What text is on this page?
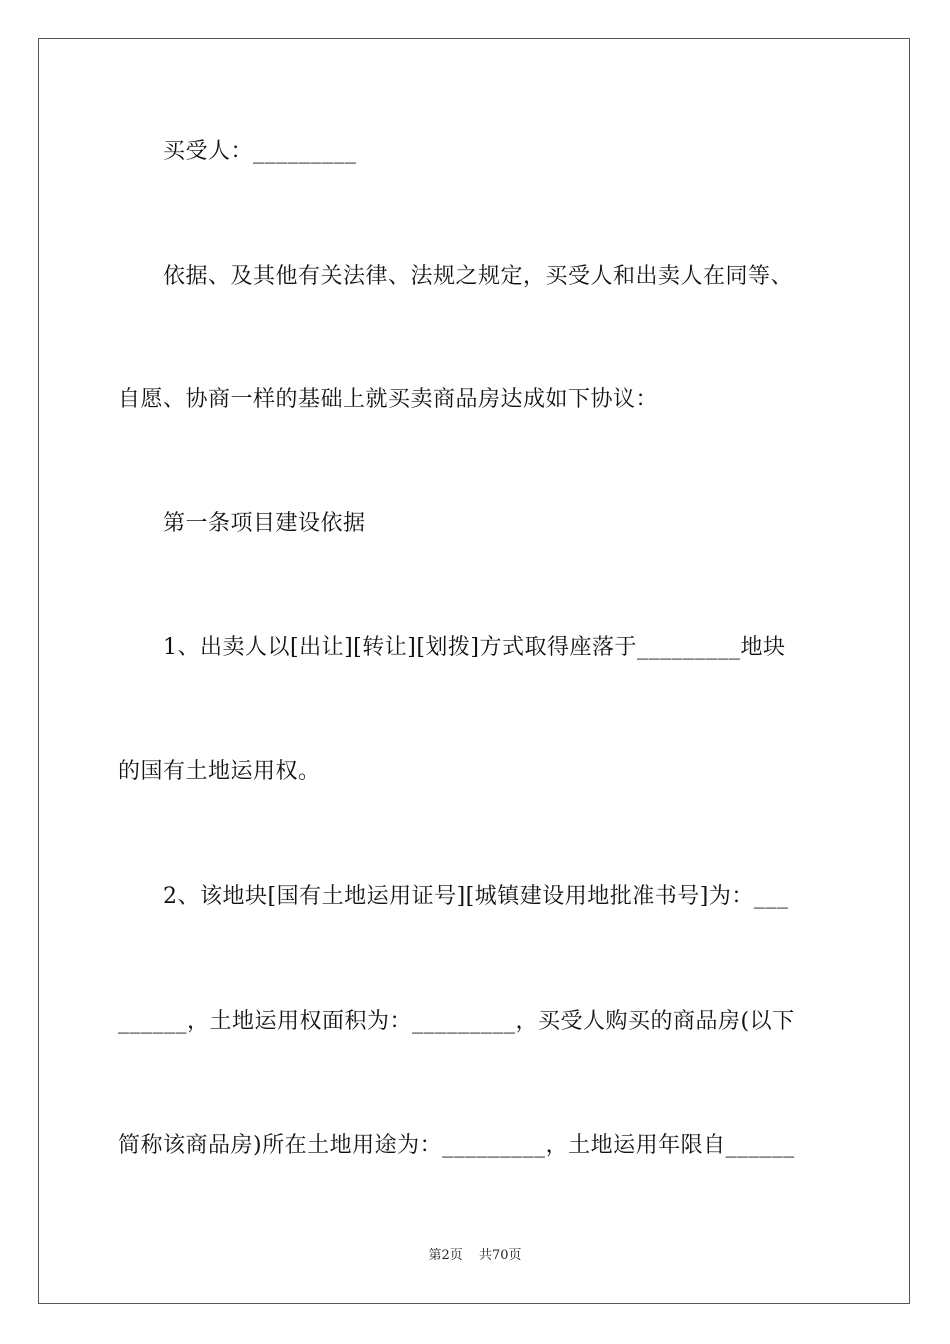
买受人：_________
依据、及其他有关法律、法规之规定，买受人和出卖人在同等、
自愿、协商一样的基础上就买卖商品房达成如下协议：
第一条项目建设依据
1、出卖人以[出让][转让][划拨]方式取得座落于_________地块
的国有土地运用权。
2、该地块[国有土地运用证号][城镇建设用地批准书号]为：___
______，土地运用权面积为：_________，买受人购买的商品房(以下
简称该商品房)所在土地用途为：_________，土地运用年限自______
第2页 共70页
